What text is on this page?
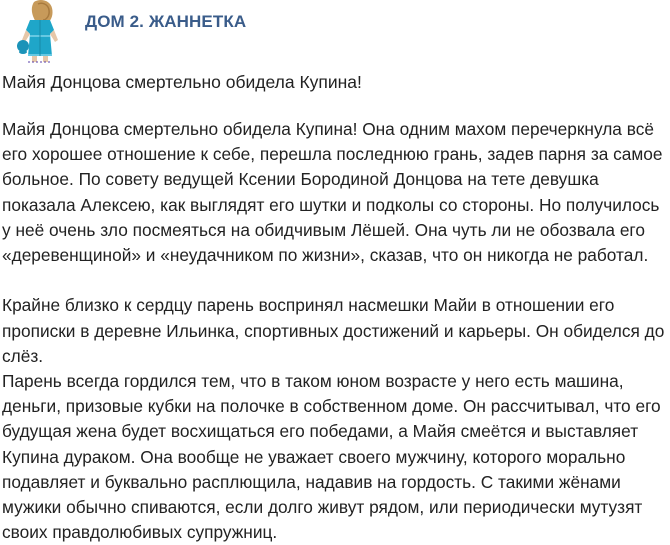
ДОМ 2. ЖАННЕТКА
Майя Донцова смертельно обидела Купина!

Майя Донцова смертельно обидела Купина! Она одним махом перечеркнула всё
его хорошее отношение к себе, перешла последнюю грань, задев парня за самое
больное. По совету ведущей Ксении Бородиной Донцова на тете девушка
показала Алексею, как выглядят его шутки и подколы со стороны. Но получилось
у неё очень зло посмеяться на обидчивым Лёшей. Она чуть ли не обозвала его
«деревенщиной» и «неудачником по жизни», сказав, что он никогда не работал.

Крайне близко к сердцу парень воспринял насмешки Майи в отношении его
прописки в деревне Ильинка, спортивных достижений и карьеры. Он обиделся до
слёз.

Парень всегда гордился тем, что в таком юном возрасте у него есть машина,
деньги, призовые кубки на полочке в собственном доме. Он рассчитывал, что его
будущая жена будет восхищаться его победами, а Майя смеётся и выставляет
Купина дураком. Она вообще не уважает своего мужчину, которого морально
подавляет и буквально расплющила, надавив на гордость. С такими жёнами
мужики обычно спиваются, если долго живут рядом, или периодически мутузят
своих правдолюбивых супружниц.
